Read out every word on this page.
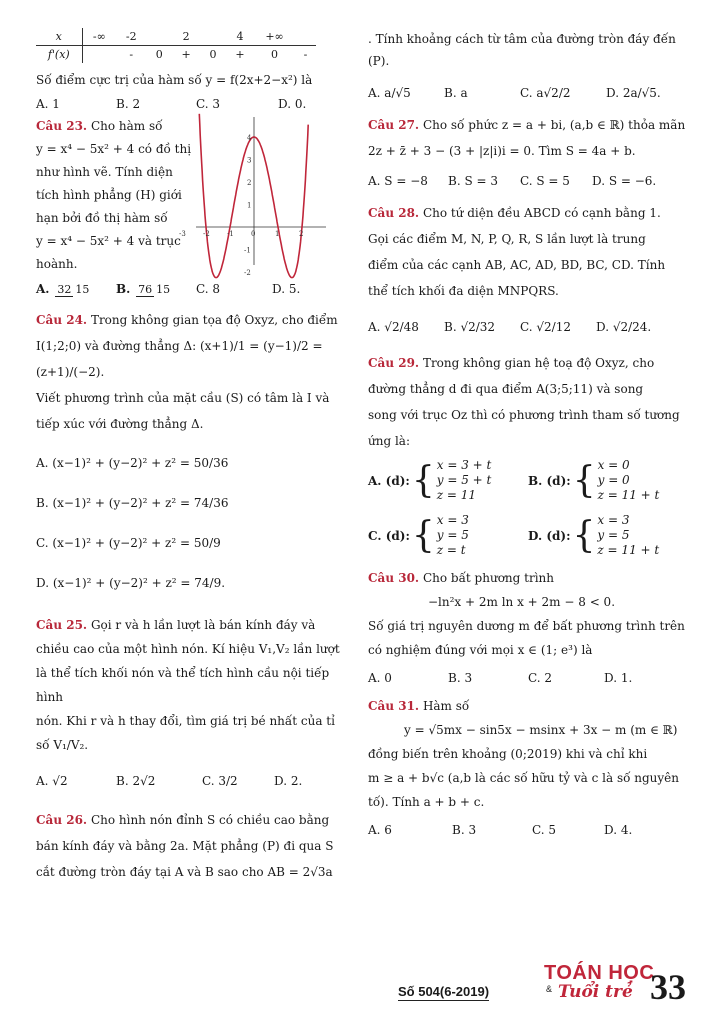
x	-∞	-2		2		4	+∞	
f'(x)		-	0	+	0	+	0	-

Số điểm cực trị của hàm số y = f(2x+2−x²) là

A. 1	B. 2	C. 3	D. 0.
Câu 23. Cho hàm số
y = x⁴ − 5x² + 4 có đồ thị
như hình vẽ. Tính diện
tích hình phẳng (H) giới
hạn bởi đồ thị hàm số
y = x⁴ − 5x² + 4 và trục
hoành.
-3 -2 -1 0	1	2
4
3
2
1
-1
-2
A. 32 15	B. 76 15	C. 8	D. 5.
Câu 24. Trong không gian tọa độ Oxyz, cho điểm
I(1;2;0) và đường thẳng Δ: (x+1)/1 = (y−1)/2 = (z+1)/(−2).
Viết phương trình của mặt cầu (S) có tâm là I và
tiếp xúc với đường thẳng Δ.
A. (x−1)² + (y−2)² + z² = 50/36
B. (x−1)² + (y−2)² + z² = 74/36
C. (x−1)² + (y−2)² + z² = 50/9
D. (x−1)² + (y−2)² + z² = 74/9.
Câu 25. Gọi r và h lần lượt là bán kính đáy và
chiều cao của một hình nón. Kí hiệu V₁,V₂ lần lượt
là thể tích khối nón và thể tích hình cầu nội tiếp hình
nón. Khi r và h thay đổi, tìm giá trị bé nhất của tỉ
số V₁/V₂.
A. √2	B. 2√2	C. 3/2	D. 2.
Câu 26. Cho hình nón đỉnh S có chiều cao bằng
bán kính đáy và bằng 2a. Mặt phẳng (P) đi qua S
cắt đường tròn đáy tại A và B sao cho AB = 2√3a
. Tính khoảng cách từ tâm của đường tròn đáy đến
(P).
A. a/√5	B. a	C. a√2/2	D. 2a/√5.
Câu 27. Cho số phức z = a + bi, (a,b ∈ ℝ) thỏa mãn
2z + z̄ + 3 − (3 + |z|i)i = 0. Tìm S = 4a + b.
A. S = −8	B. S = 3	C. S = 5	D. S = −6.
Câu 28. Cho tứ diện đều ABCD có cạnh bằng 1.
Gọi các điểm M, N, P, Q, R, S lần lượt là trung
điểm của các cạnh AB, AC, AD, BD, BC, CD. Tính
thể tích khối đa diện MNPQRS.
A. √2/48	B. √2/32	C. √2/12	D. √2/24.
Câu 29. Trong không gian hệ toạ độ Oxyz, cho
đường thẳng d đi qua điểm A(3;5;11) và song
song với trục Oz thì có phương trình tham số tương
ứng là:
A. (d): { x = 3 + t
y = 5 + t
z = 11
B. (d): { x = 0
y = 0
z = 11 + t
C. (d): { x = 3
y = 5
z = t
D. (d): { x = 3
y = 5
z = 11 + t
Câu 30. Cho bất phương trình
−ln²x + 2m ln x + 2m − 8 < 0.
Số giá trị nguyên dương m để bất phương trình trên
có nghiệm đúng với mọi x ∈ (1; e³) là
A. 0	B. 3	C. 2	D. 1.
Câu 31. Hàm số
y = √5mx − sin5x − msinx + 3x − m (m ∈ ℝ)
đồng biến trên khoảng (0;2019) khi và chỉ khi
m ≥ a + b√c (a,b là các số hữu tỷ và c là số nguyên
tố). Tính a + b + c.
A. 6	B. 3	C. 5	D. 4.
Số 504(6-2019)
TOÁN HỌC
& Tuổi trẻ 33
